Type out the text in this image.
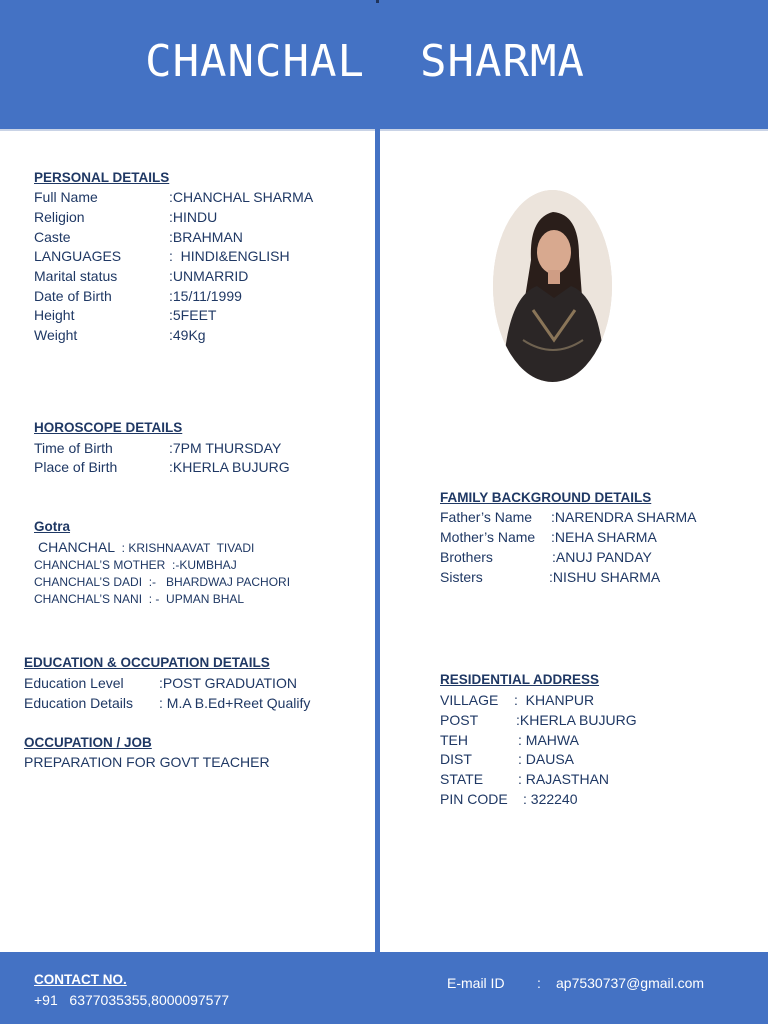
CHANCHAL  SHARMA
PERSONAL DETAILS
Full Name	:CHANCHAL SHARMA
Religion	:HINDU
Caste	:BRAHMAN
LANGUAGES	:  HINDI&ENGLISH
Marital status	:UNMARRID
Date of Birth	:15/11/1999
Height	:5FEET
Weight	:49Kg
HOROSCOPE DETAILS
Time of Birth	:7PM THURSDAY
Place of Birth	:KHERLA BUJURG
Gotra
CHANCHAL  : KRISHNAAVAT  TIVADI
CHANCHAL’S MOTHER  :-KUMBHAJ
CHANCHAL’S DADI  :-   BHARDWAJ PACHORI
CHANCHAL’S NANI  : -  UPMAN BHAL
EDUCATION & OCCUPATION DETAILS
Education Level	:POST GRADUATION
Education Details : M.A B.Ed+Reet Qualify
OCCUPATION / JOB
PREPARATION FOR GOVT TEACHER
FAMILY BACKGROUND DETAILS
Father’s Name :NARENDRA SHARMA
Mother’s Name :NEHA SHARMA
Brothers	:ANUJ PANDAY
Sisters	:NISHU SHARMA
RESIDENTIAL ADDRESS
VILLAGE :  KHANPUR
POST	:KHERLA BUJURG
TEH	: MAHWA
DIST	: DAUSA
STATE : RAJASTHAN
PIN CODE : 322240
CONTACT NO.
+91   6377035355,8000097577
E-mail ID : ap7530737@gmail.com
